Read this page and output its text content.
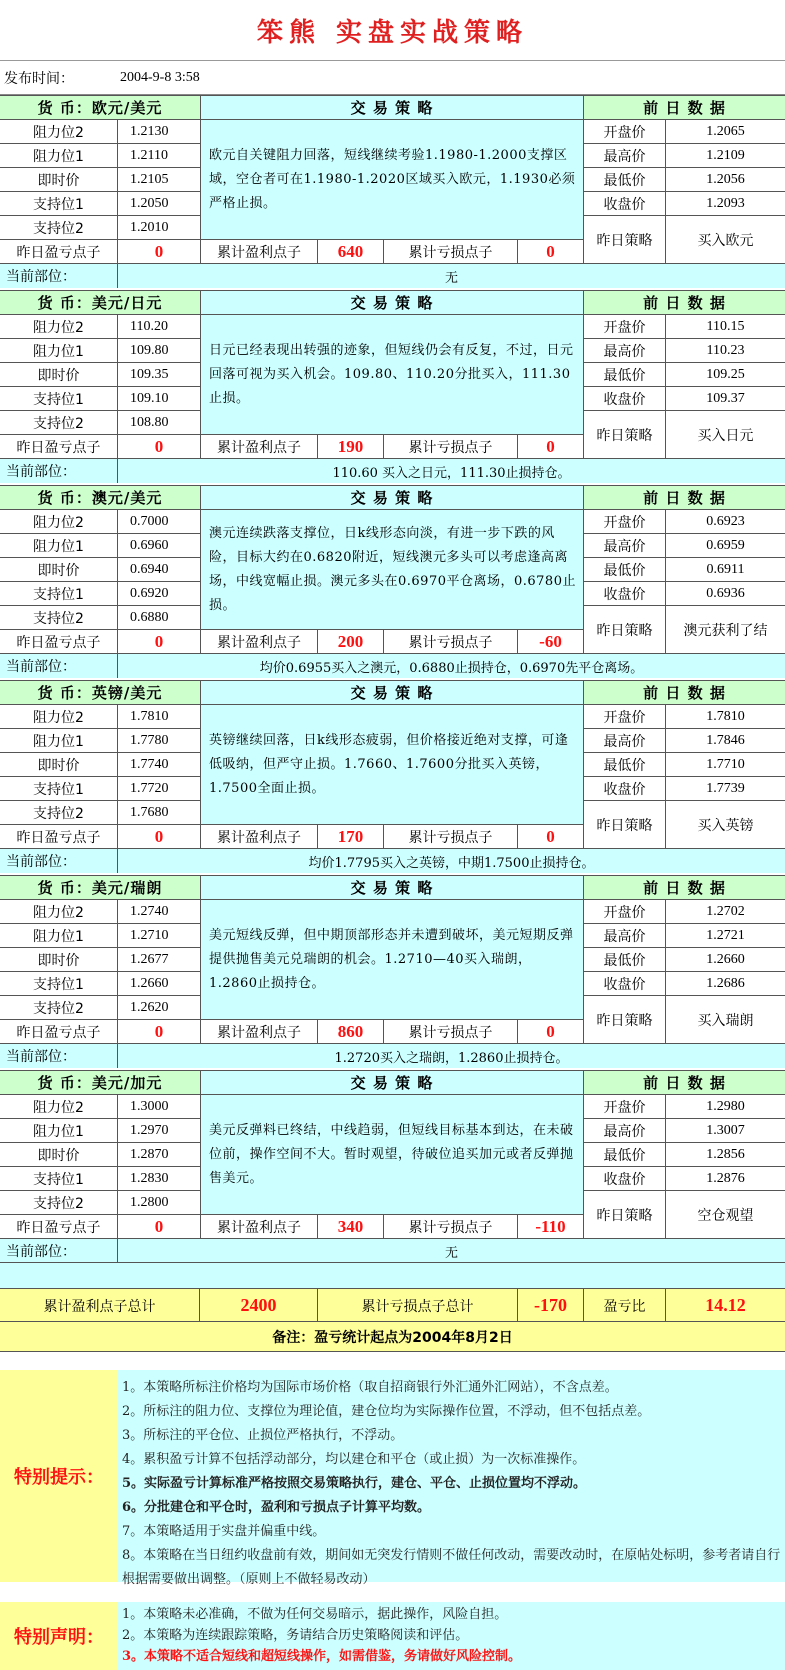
笨熊 实盘实战策略
发布时间：	2004-9-8 3:58
货 币：欧元/美元	交 易 策 略	前 日 数 据
阻力位2	1.2130
阻力位1	1.2110
即时价	1.2105
支持位1	1.2050
支持位2	1.2010
开盘价	1.2065
最高价	1.2109
最低价	1.2056
收盘价	1.2093
欧元自关键阻力回落，短线继续考验1.1980-1.2000支撑区域，空仓者可在1.1980-1.2020区域买入欧元，1.1930必须严格止损。
昨日策略	买入欧元
昨日盈亏点子	0	累计盈利点子	640	累计亏损点子	0
当前部位：	无
货 币：美元/日元	交 易 策 略	前 日 数 据
阻力位2	110.20
阻力位1	109.80
即时价	109.35
支持位1	109.10
支持位2	108.80
开盘价	110.15
最高价	110.23
最低价	109.25
收盘价	109.37
日元已经表现出转强的迹象，但短线仍会有反复，不过，日元回落可视为买入机会。109.80、110.20分批买入，111.30止损。
昨日策略	买入日元
昨日盈亏点子	0	累计盈利点子	190	累计亏损点子	0
当前部位：	110.60 买入之日元，111.30止损持仓。
货 币：澳元/美元	交 易 策 略	前 日 数 据
阻力位2	0.7000
阻力位1	0.6960
即时价	0.6940
支持位1	0.6920
支持位2	0.6880
开盘价	0.6923
最高价	0.6959
最低价	0.6911
收盘价	0.6936
澳元连续跌落支撑位，日k线形态向淡，有进一步下跌的风险，目标大约在0.6820附近，短线澳元多头可以考虑逢高离场，中线宽幅止损。澳元多头在0.6970平仓离场，0.6780止损。
昨日策略	澳元获利了结
昨日盈亏点子	0	累计盈利点子	200	累计亏损点子	-60
当前部位：	均价0.6955买入之澳元，0.6880止损持仓，0.6970先平仓离场。
货 币：英镑/美元	交 易 策 略	前 日 数 据
阻力位2	1.7810
阻力位1	1.7780
即时价	1.7740
支持位1	1.7720
支持位2	1.7680
开盘价	1.7810
最高价	1.7846
最低价	1.7710
收盘价	1.7739
英镑继续回落，日k线形态疲弱，但价格接近绝对支撑，可逢低吸纳，但严守止损。1.7660、1.7600分批买入英镑，1.7500全面止损。
昨日策略	买入英镑
昨日盈亏点子	0	累计盈利点子	170	累计亏损点子	0
当前部位：	均价1.7795买入之英镑，中期1.7500止损持仓。
货 币：美元/瑞朗	交 易 策 略	前 日 数 据
阻力位2	1.2740
阻力位1	1.2710
即时价	1.2677
支持位1	1.2660
支持位2	1.2620
开盘价	1.2702
最高价	1.2721
最低价	1.2660
收盘价	1.2686
美元短线反弹，但中期顶部形态并未遭到破坏，美元短期反弹提供抛售美元兑瑞朗的机会。1.2710—40买入瑞朗，1.2860止损持仓。
昨日策略	买入瑞朗
昨日盈亏点子	0	累计盈利点子	860	累计亏损点子	0
当前部位：	1.2720买入之瑞朗，1.2860止损持仓。
货 币：美元/加元	交 易 策 略	前 日 数 据
阻力位2	1.3000
阻力位1	1.2970
即时价	1.2870
支持位1	1.2830
支持位2	1.2800
开盘价	1.2980
最高价	1.3007
最低价	1.2856
收盘价	1.2876
美元反弹料已终结，中线趋弱，但短线目标基本到达，在未破位前，操作空间不大。暂时观望，待破位追买加元或者反弹抛售美元。
昨日策略	空仓观望
昨日盈亏点子	0	累计盈利点子	340	累计亏损点子	-110
当前部位：	无
累计盈利点子总计	2400	累计亏损点子总计	-170	盈亏比	14.12
备注：盈亏统计起点为2004年8月2日
特别提示：
1。本策略所标注价格均为国际市场价格（取自招商银行外汇通外汇网站），不含点差。
2。所标注的阻力位、支撑位为理论值，建仓位均为实际操作位置，不浮动，但不包括点差。
3。所标注的平仓位、止损位严格执行，不浮动。
4。累积盈亏计算不包括浮动部分，均以建仓和平仓（或止损）为一次标准操作。
5。实际盈亏计算标准严格按照交易策略执行，建仓、平仓、止损位置均不浮动。
6。分批建仓和平仓时，盈利和亏损点子计算平均数。
7。本策略适用于实盘并偏重中线。
8。本策略在当日纽约收盘前有效，期间如无突发行情则不做任何改动，需要改动时，在原帖处标明，参考者请自行根据需要做出调整。（原则上不做轻易改动）
特别声明：
1。本策略未必准确，不做为任何交易暗示，据此操作，风险自担。
2。本策略为连续跟踪策略，务请结合历史策略阅读和评估。
3。本策略不适合短线和超短线操作，如需借鉴，务请做好风险控制。
